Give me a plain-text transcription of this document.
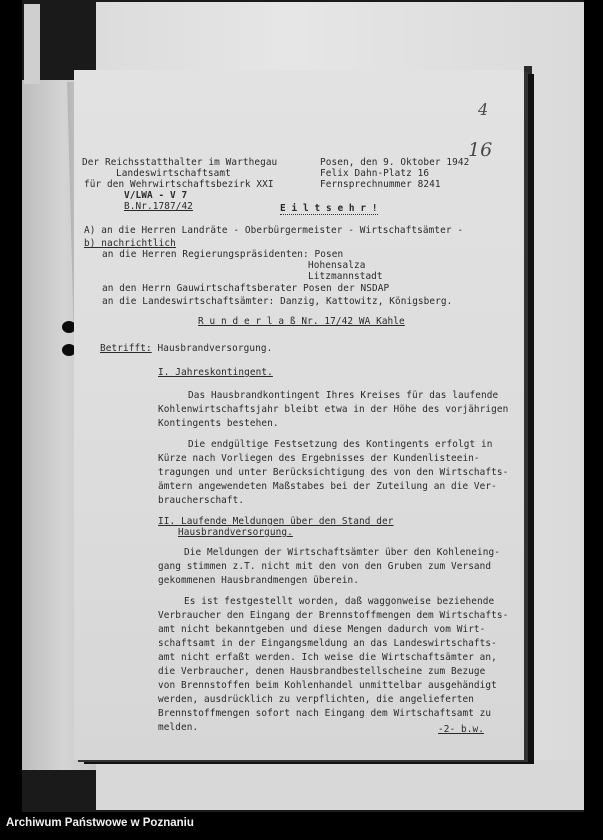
4

16

Der Reichsstatthalter im Warthegau

Landeswirtschaftsamt

für den Wehrwirtschaftsbezirk XXI

V/LWA - V 7

B.Nr.1787/42

Posen, den 9. Oktober 1942

Felix Dahn-Platz 16

Fernsprechnummer 8241

E i l t s e h r !

A) an die Herren Landräte - Oberbürgermeister - Wirtschaftsämter -

b) nachrichtlich

an die Herren Regierungspräsidenten: Posen

Hohensalza

Litzmannstadt

an den Herrn Gauwirtschaftsberater Posen der NSDAP

an die Landeswirtschaftsämter: Danzig, Kattowitz, Königsberg.

R u n d e r l a ß Nr. 17/42 WA Kahle

Betrifft: Hausbrandversorgung.

I. Jahreskontingent.

Das Hausbrandkontingent Ihres Kreises für das laufende

Kohlenwirtschaftsjahr bleibt etwa in der Höhe des vorjährigen

Kontingents bestehen.

Die endgültige Festsetzung des Kontingents erfolgt in

Kürze nach Vorliegen des Ergebnisses der Kundenlisteein-

tragungen und unter Berücksichtigung des von den Wirtschafts-

ämtern angewendeten Maßstabes bei der Zuteilung an die Ver-

braucherschaft.

II. Laufende Meldungen über den Stand der

Hausbrandversorgung.

Die Meldungen der Wirtschaftsämter über den Kohleneing-

gang stimmen z.T. nicht mit den von den Gruben zum Versand

gekommenen Hausbrandmengen überein.

Es ist festgestellt worden, daß waggonweise beziehende

Verbraucher den Eingang der Brennstoffmengen dem Wirtschafts-

amt nicht bekanntgeben und diese Mengen dadurch vom Wirt-

schaftsamt in der Eingangsmeldung an das Landeswirtschafts-

amt nicht erfaßt werden. Ich weise die Wirtschaftsämter an,

die Verbraucher, denen Hausbrandbestellscheine zum Bezuge

von Brennstoffen beim Kohlenhandel unmittelbar ausgehändigt

werden, ausdrücklich zu verpflichten, die angelieferten

Brennstoffmengen sofort nach Eingang dem Wirtschaftsamt zu

melden.	-2- b.w.

Archiwum Państwowe w Poznaniu
